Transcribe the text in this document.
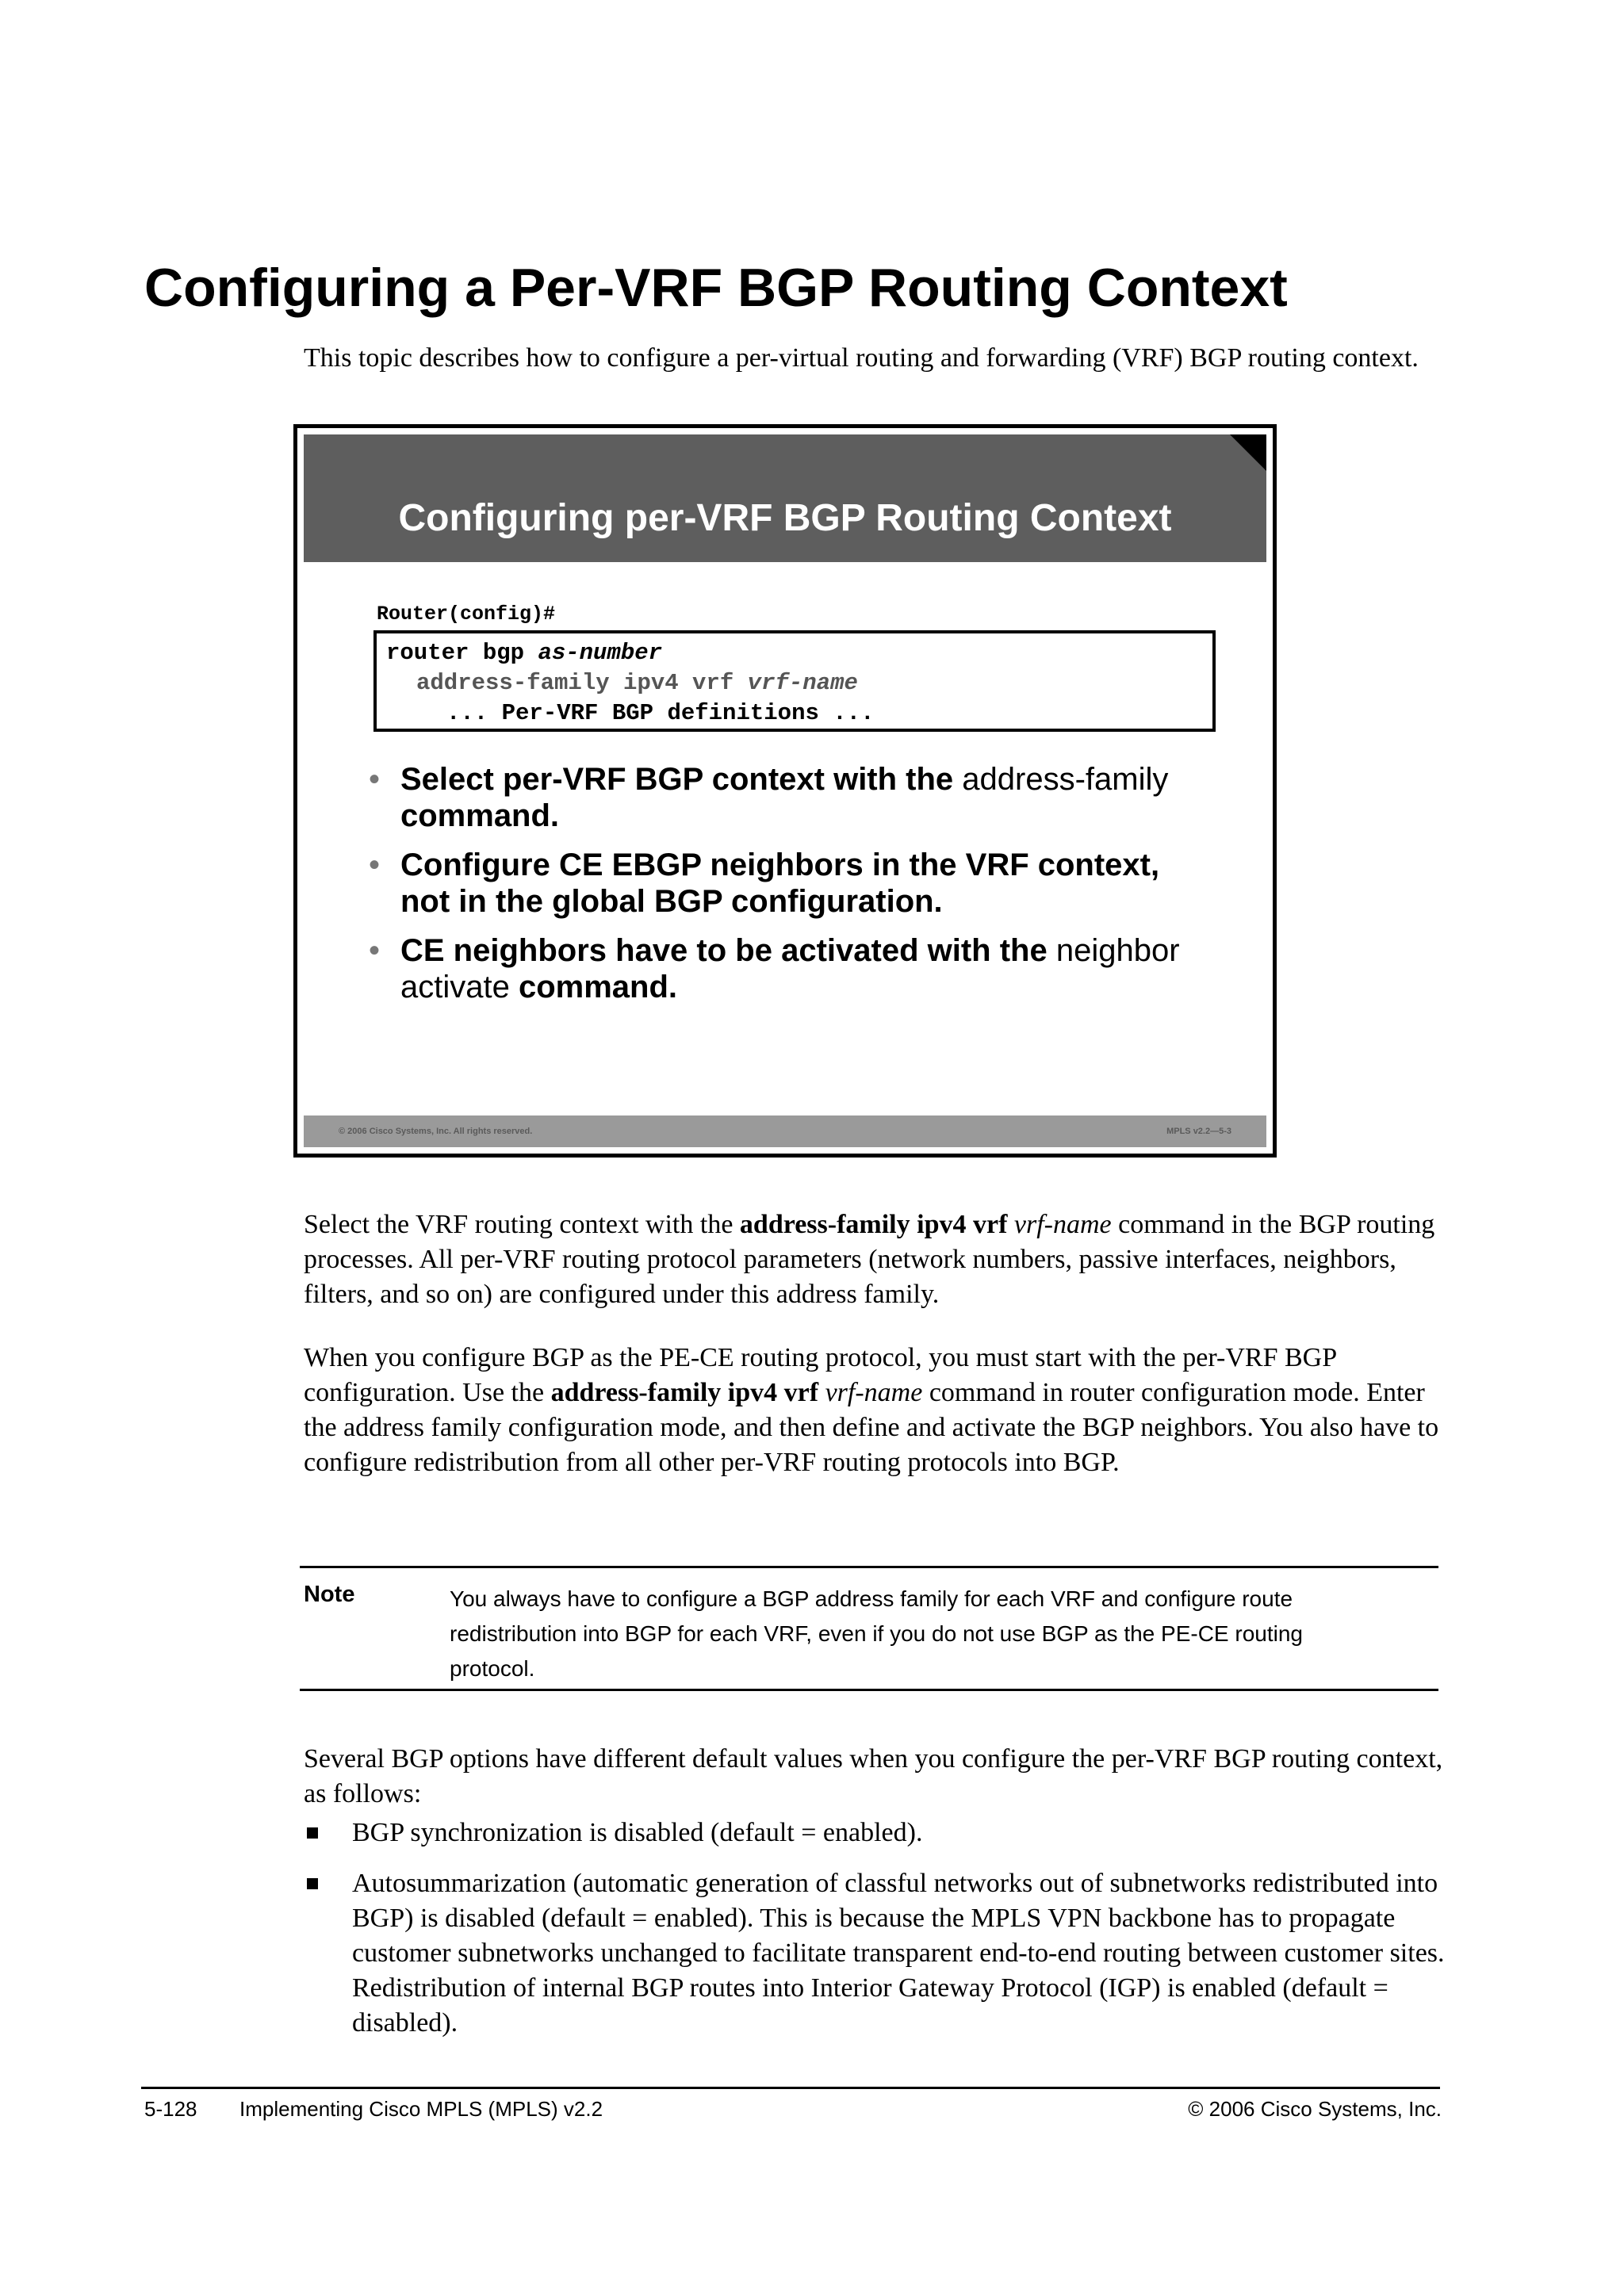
Configuring a Per-VRF BGP Routing Context

This topic describes how to configure a per-virtual routing and forwarding (VRF) BGP routing context.

Configuring per-VRF BGP Routing Context
Router(config)#
router bgp as-number
address-family ipv4 vrf vrf-name
... Per-VRF BGP definitions ...
• Select per-VRF BGP context with the address-family command.
• Configure CE EBGP neighbors in the VRF context, not in the global BGP configuration.
• CE neighbors have to be activated with the neighbor activate command.
© 2006 Cisco Systems, Inc. All rights reserved.	MPLS v2.2—5-3

Select the VRF routing context with the address-family ipv4 vrf vrf-name command in the BGP routing processes. All per-VRF routing protocol parameters (network numbers, passive interfaces, neighbors, filters, and so on) are configured under this address family.

When you configure BGP as the PE-CE routing protocol, you must start with the per-VRF BGP configuration. Use the address-family ipv4 vrf vrf-name command in router configuration mode. Enter the address family configuration mode, and then define and activate the BGP neighbors. You also have to configure redistribution from all other per-VRF routing protocols into BGP.

Note	You always have to configure a BGP address family for each VRF and configure route redistribution into BGP for each VRF, even if you do not use BGP as the PE-CE routing protocol.

Several BGP options have different default values when you configure the per-VRF BGP routing context, as follows:

BGP synchronization is disabled (default = enabled).
Autosummarization (automatic generation of classful networks out of subnetworks redistributed into BGP) is disabled (default = enabled). This is because the MPLS VPN backbone has to propagate customer subnetworks unchanged to facilitate transparent end-to-end routing between customer sites. Redistribution of internal BGP routes into Interior Gateway Protocol (IGP) is enabled (default = disabled).
5-128 Implementing Cisco MPLS (MPLS) v2.2	© 2006 Cisco Systems, Inc.
